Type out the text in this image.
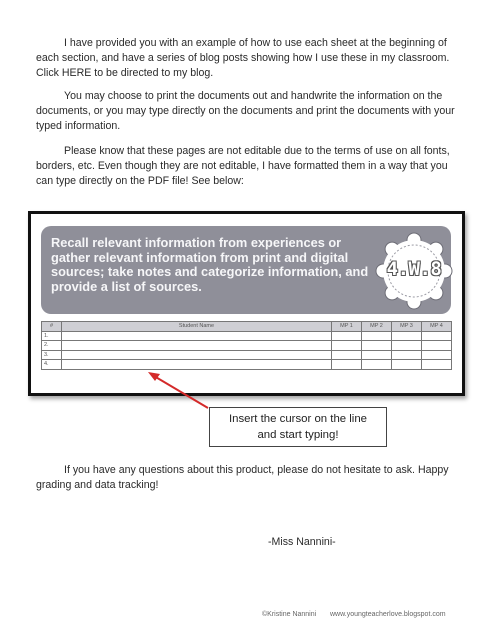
I have provided you with an example of how to use each sheet at the beginning of each section, and have a series of blog posts showing how I use these in my classroom. Click HERE to be directed to my blog.

You may choose to print the documents out and handwrite the information on the documents, or you may type directly on the documents and print the documents with your typed information.

Please know that these pages are not editable due to the terms of use on all fonts, borders, etc. Even though they are not editable, I have formatted them in a way that you can type directly on the PDF file! See below:

Recall relevant information from experiences or gather relevant information from print and digital sources; take notes and categorize information, and provide a list of sources.
4.W.8
#	Student Name	MP 1	MP 2	MP 3	MP 4
1.					
2.					
3.					
4.					
Insert the cursor on the line
and start typing!

If you have any questions about this product, please do not hesitate to ask. Happy grading and data tracking!

-Miss Nannini-
©Kristine Nannini www.youngteacherlove.blogspot.com
